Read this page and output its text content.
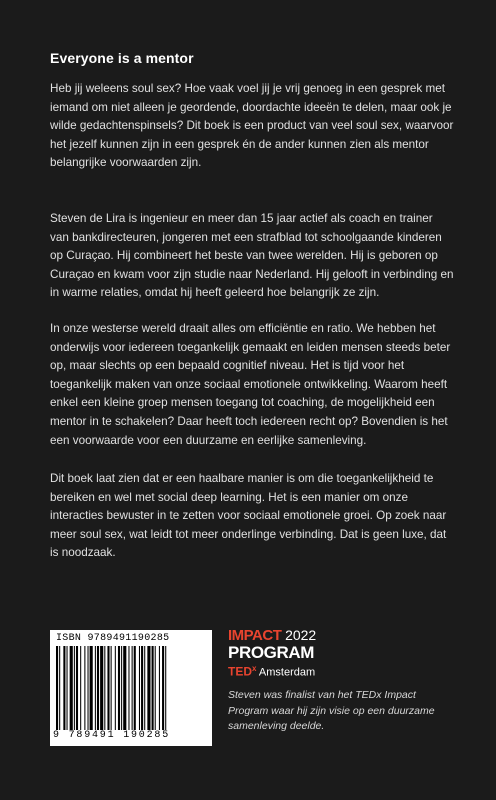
Everyone is a mentor

Heb jij weleens soul sex? Hoe vaak voel jij je vrij genoeg in een gesprek met iemand om niet alleen je geordende, doordachte ideeën te delen, maar ook je wilde gedachtenspinsels? Dit boek is een product van veel soul sex, waarvoor het jezelf kunnen zijn in een gesprek én de ander kunnen zien als mentor belangrijke voorwaarden zijn.

Steven de Lira is ingenieur en meer dan 15 jaar actief als coach en trainer van bankdirecteuren, jongeren met een strafblad tot schoolgaande kinderen op Curaçao. Hij combineert het beste van twee werelden. Hij is geboren op Curaçao en kwam voor zijn studie naar Nederland. Hij gelooft in verbinding en in warme relaties, omdat hij heeft geleerd hoe belangrijk ze zijn.

In onze westerse wereld draait alles om efficiëntie en ratio. We hebben het onderwijs voor iedereen toegankelijk gemaakt en leiden mensen steeds beter op, maar slechts op een bepaald cognitief niveau. Het is tijd voor het toegankelijk maken van onze sociaal emotionele ontwikkeling. Waarom heeft enkel een kleine groep mensen toegang tot coaching, de mogelijkheid een mentor in te schakelen? Daar heeft toch iedereen recht op? Bovendien is het een voorwaarde voor een duurzame en eerlijke samenleving.

Dit boek laat zien dat er een haalbare manier is om die toegankelijkheid te bereiken en wel met social deep learning. Het is een manier om onze interacties bewuster in te zetten voor sociaal emotionele groei. Op zoek naar meer soul sex, wat leidt tot meer onderlinge verbinding. Dat is geen luxe, dat is noodzaak.

ISBN 9789491190285
9 789491 190285
IMPACT 2022
PROGRAM
TED$^x$ Amsterdam
Steven was finalist van het TEDx Impact Program waar hij zijn visie op een duurzame samenleving deelde.
